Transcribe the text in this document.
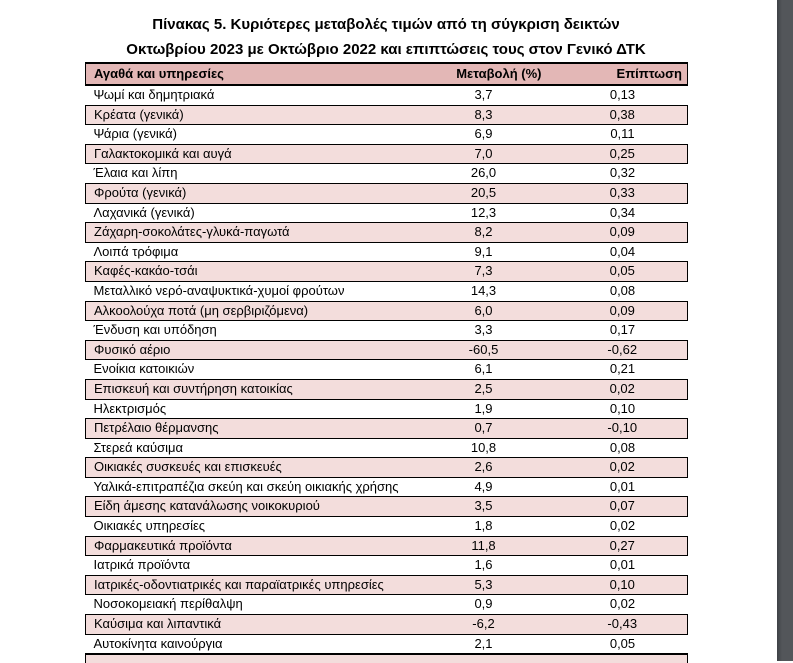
Πίνακας 5. Κυριότερες μεταβολές τιμών από τη σύγκριση δεικτών
Οκτωβρίου 2023 με Οκτώβριο 2022 και επιπτώσεις τους στον Γενικό ΔΤΚ
Αγαθά και υπηρεσίες	Μεταβολή (%)	Επίπτωση
Ψωμί και δημητριακά	3,7	0,13
Κρέατα (γενικά)	8,3	0,38
Ψάρια (γενικά)	6,9	0,11
Γαλακτοκομικά και αυγά	7,0	0,25
Έλαια και λίπη	26,0	0,32
Φρούτα (γενικά)	20,5	0,33
Λαχανικά (γενικά)	12,3	0,34
Ζάχαρη-σοκολάτες-γλυκά-παγωτά	8,2	0,09
Λοιπά τρόφιμα	9,1	0,04
Καφές-κακάο-τσάι	7,3	0,05
Μεταλλικό νερό-αναψυκτικά-χυμοί φρούτων	14,3	0,08
Αλκοολούχα ποτά (μη σερβιριζόμενα)	6,0	0,09
Ένδυση και υπόδηση	3,3	0,17
Φυσικό αέριο	-60,5	-0,62
Ενοίκια κατοικιών	6,1	0,21
Επισκευή και συντήρηση κατοικίας	2,5	0,02
Ηλεκτρισμός	1,9	0,10
Πετρέλαιο θέρμανσης	0,7	-0,10
Στερεά καύσιμα	10,8	0,08
Οικιακές συσκευές και επισκευές	2,6	0,02
Υαλικά-επιτραπέζια σκεύη και σκεύη οικιακής χρήσης	4,9	0,01
Είδη άμεσης κατανάλωσης νοικοκυριού	3,5	0,07
Οικιακές υπηρεσίες	1,8	0,02
Φαρμακευτικά προϊόντα	11,8	0,27
Ιατρικά προϊόντα	1,6	0,01
Ιατρικές-οδοντιατρικές και παραϊατρικές υπηρεσίες	5,3	0,10
Νοσοκομειακή περίθαλψη	0,9	0,02
Καύσιμα και λιπαντικά	-6,2	-0,43
Αυτοκίνητα καινούργια	2,1	0,05
